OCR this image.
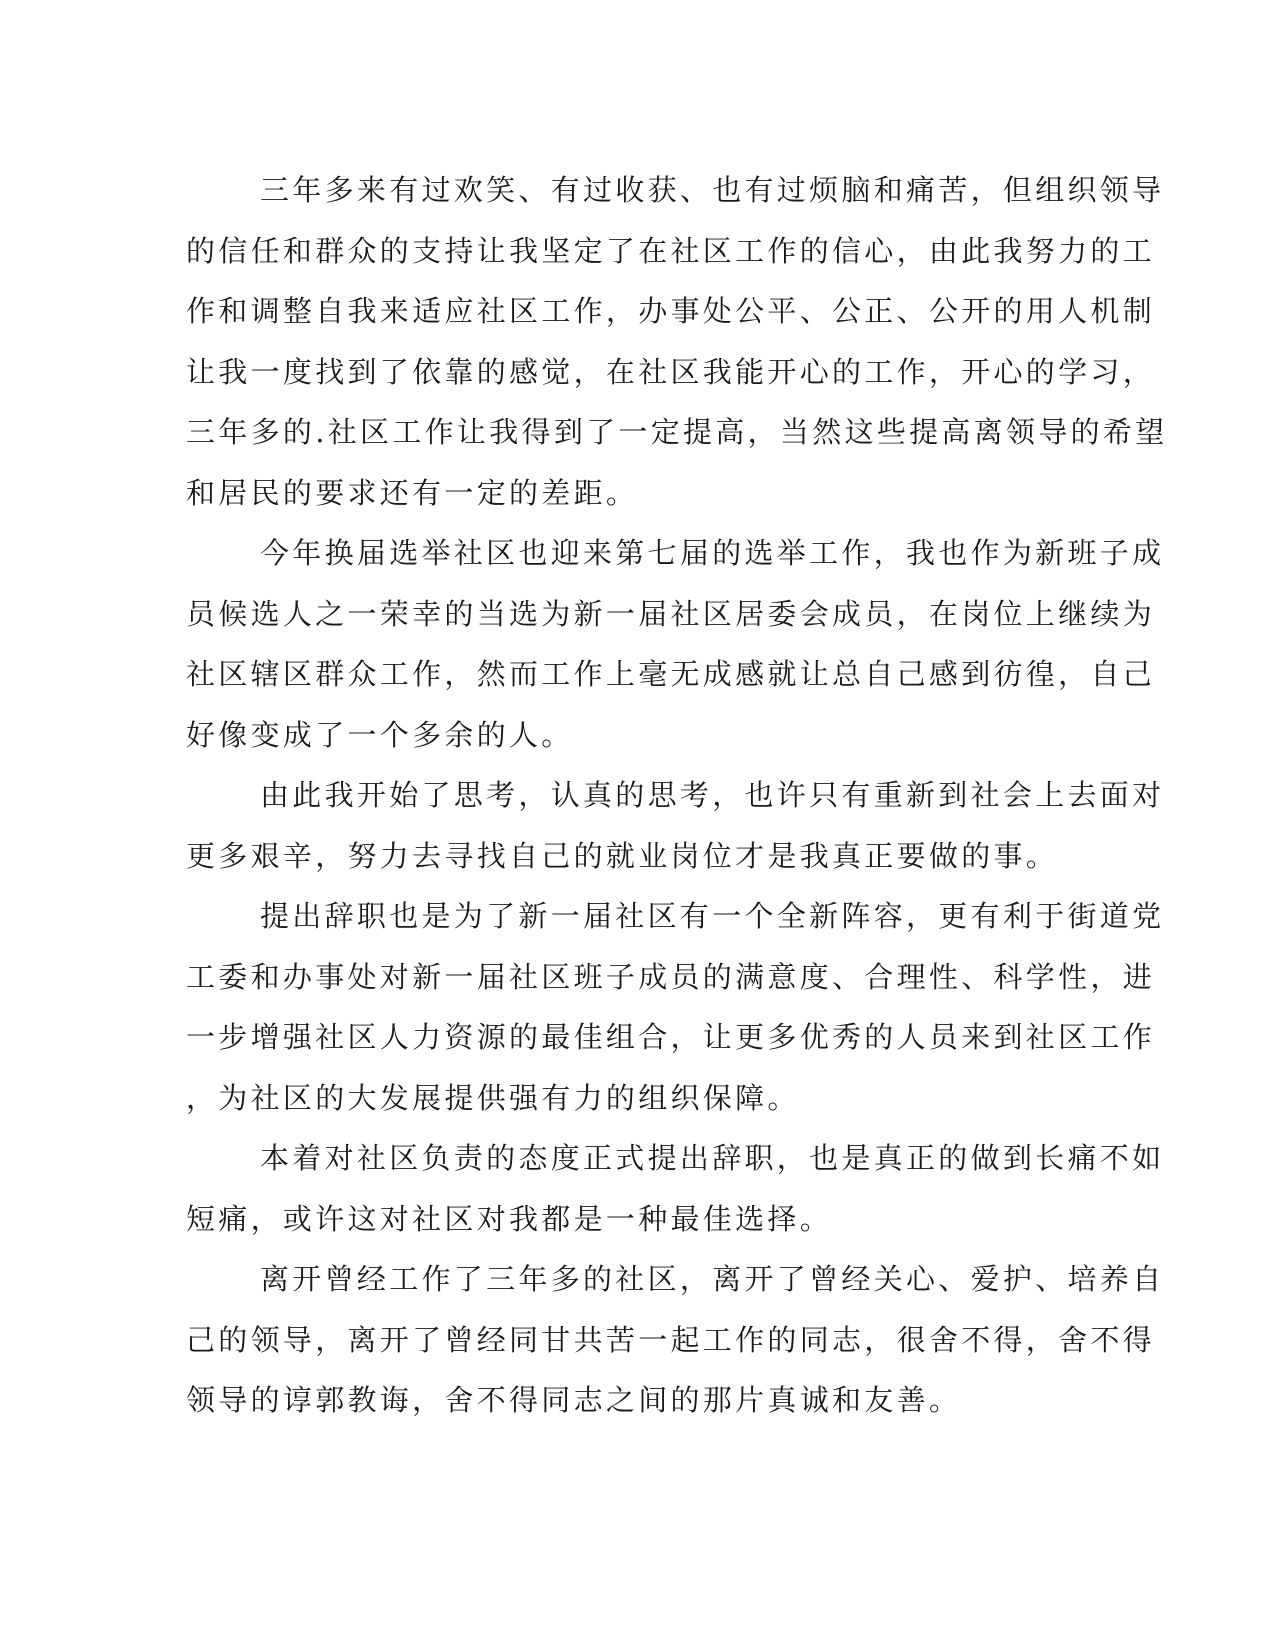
三年多来有过欢笑、有过收获、也有过烦脑和痛苦，但组织领导
的信任和群众的支持让我坚定了在社区工作的信心，由此我努力的工
作和调整自我来适应社区工作，办事处公平、公正、公开的用人机制
让我一度找到了依靠的感觉，在社区我能开心的工作，开心的学习，
三年多的.社区工作让我得到了一定提高，当然这些提高离领导的希望
和居民的要求还有一定的差距。
今年换届选举社区也迎来第七届的选举工作，我也作为新班子成
员候选人之一荣幸的当选为新一届社区居委会成员，在岗位上继续为
社区辖区群众工作，然而工作上毫无成感就让总自己感到彷徨，自己
好像变成了一个多余的人。
由此我开始了思考，认真的思考，也许只有重新到社会上去面对
更多艰辛，努力去寻找自己的就业岗位才是我真正要做的事。
提出辞职也是为了新一届社区有一个全新阵容，更有利于街道党
工委和办事处对新一届社区班子成员的满意度、合理性、科学性，进
一步增强社区人力资源的最佳组合，让更多优秀的人员来到社区工作
，为社区的大发展提供强有力的组织保障。
本着对社区负责的态度正式提出辞职，也是真正的做到长痛不如
短痛，或许这对社区对我都是一种最佳选择。
离开曾经工作了三年多的社区，离开了曾经关心、爱护、培养自
己的领导，离开了曾经同甘共苦一起工作的同志，很舍不得，舍不得
领导的谆郭教诲，舍不得同志之间的那片真诚和友善。
